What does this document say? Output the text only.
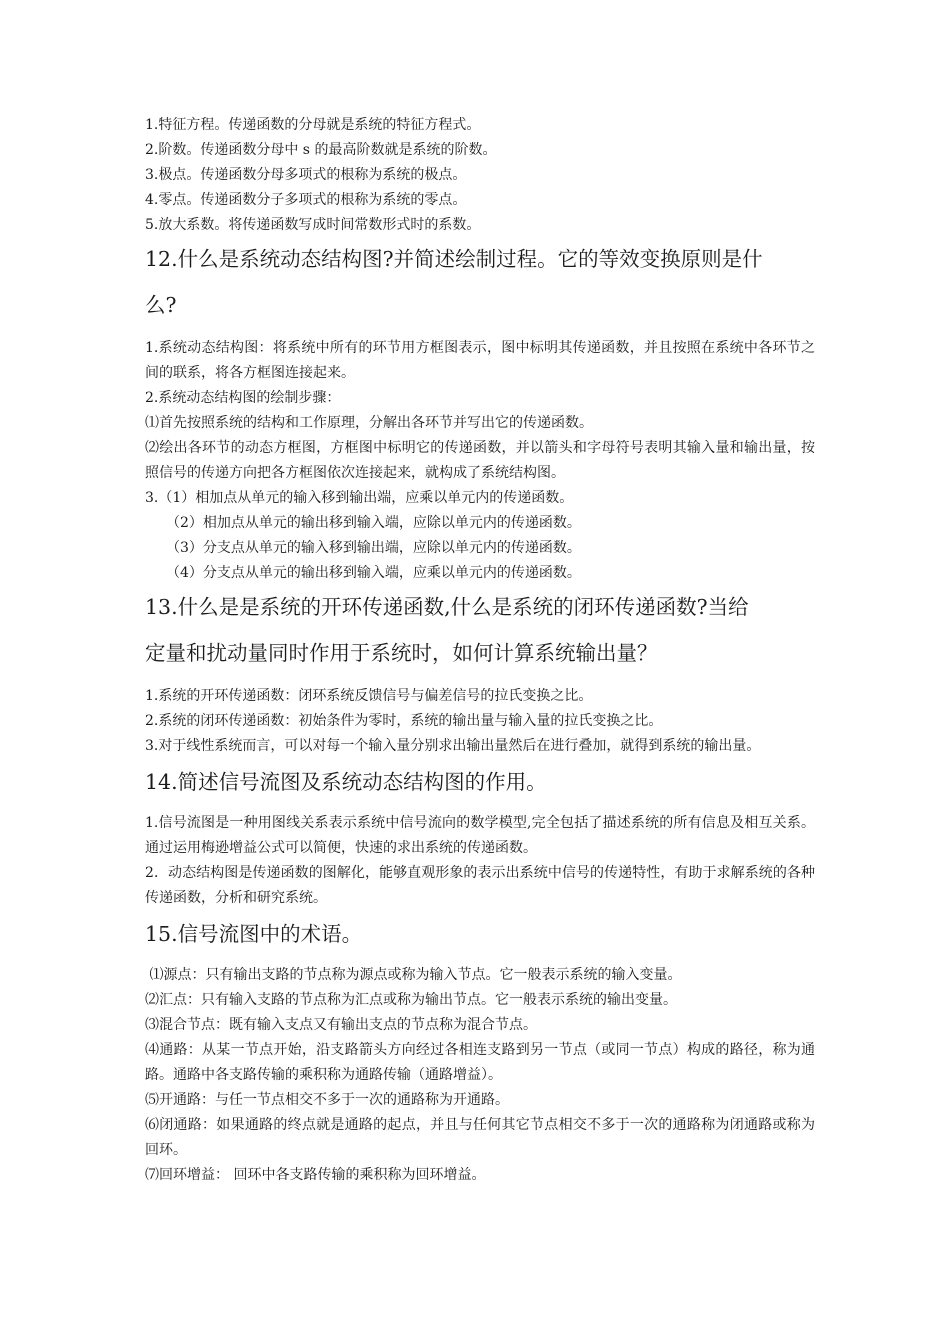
1.特征方程。传递函数的分母就是系统的特征方程式。
2.阶数。传递函数分母中 s 的最高阶数就是系统的阶数。
3.极点。传递函数分母多项式的根称为系统的极点。
4.零点。传递函数分子多项式的根称为系统的零点。
5.放大系数。将传递函数写成时间常数形式时的系数。
12.什么是系统动态结构图?并简述绘制过程。它的等效变换原则是什
么?
1.系统动态结构图：将系统中所有的环节用方框图表示，图中标明其传递函数，并且按照在系统中各环节之间的联系，将各方框图连接起来。
2.系统动态结构图的绘制步骤：
⑴首先按照系统的结构和工作原理，分解出各环节并写出它的传递函数。
⑵绘出各环节的动态方框图，方框图中标明它的传递函数，并以箭头和字母符号表明其输入量和输出量，按照信号的传递方向把各方框图依次连接起来，就构成了系统结构图。
3.（1）相加点从单元的输入移到输出端，应乘以单元内的传递函数。
（2）相加点从单元的输出移到输入端，应除以单元内的传递函数。
（3）分支点从单元的输入移到输出端，应除以单元内的传递函数。
（4）分支点从单元的输出移到输入端，应乘以单元内的传递函数。
13.什么是是系统的开环传递函数,什么是系统的闭环传递函数?当给
定量和扰动量同时作用于系统时，如何计算系统输出量？
1.系统的开环传递函数：闭环系统反馈信号与偏差信号的拉氏变换之比。
2.系统的闭环传递函数：初始条件为零时，系统的输出量与输入量的拉氏变换之比。
3.对于线性系统而言，可以对每一个输入量分别求出输出量然后在进行叠加，就得到系统的输出量。
14.简述信号流图及系统动态结构图的作用。
1.信号流图是一种用图线关系表示系统中信号流向的数学模型,完全包括了描述系统的所有信息及相互关系。通过运用梅逊增益公式可以简便，快速的求出系统的传递函数。
2．动态结构图是传递函数的图解化，能够直观形象的表示出系统中信号的传递特性，有助于求解系统的各种传递函数，分析和研究系统。
15.信号流图中的术语。
⑴源点：只有输出支路的节点称为源点或称为输入节点。它一般表示系统的输入变量。
⑵汇点：只有输入支路的节点称为汇点或称为输出节点。它一般表示系统的输出变量。
⑶混合节点：既有输入支点又有输出支点的节点称为混合节点。
⑷通路：从某一节点开始，沿支路箭头方向经过各相连支路到另一节点（或同一节点）构成的路径，称为通路。通路中各支路传输的乘积称为通路传输（通路增益）。
⑸开通路：与任一节点相交不多于一次的通路称为开通路。
⑹闭通路：如果通路的终点就是通路的起点，并且与任何其它节点相交不多于一次的通路称为闭通路或称为回环。
⑺回环增益： 回环中各支路传输的乘积称为回环增益。
